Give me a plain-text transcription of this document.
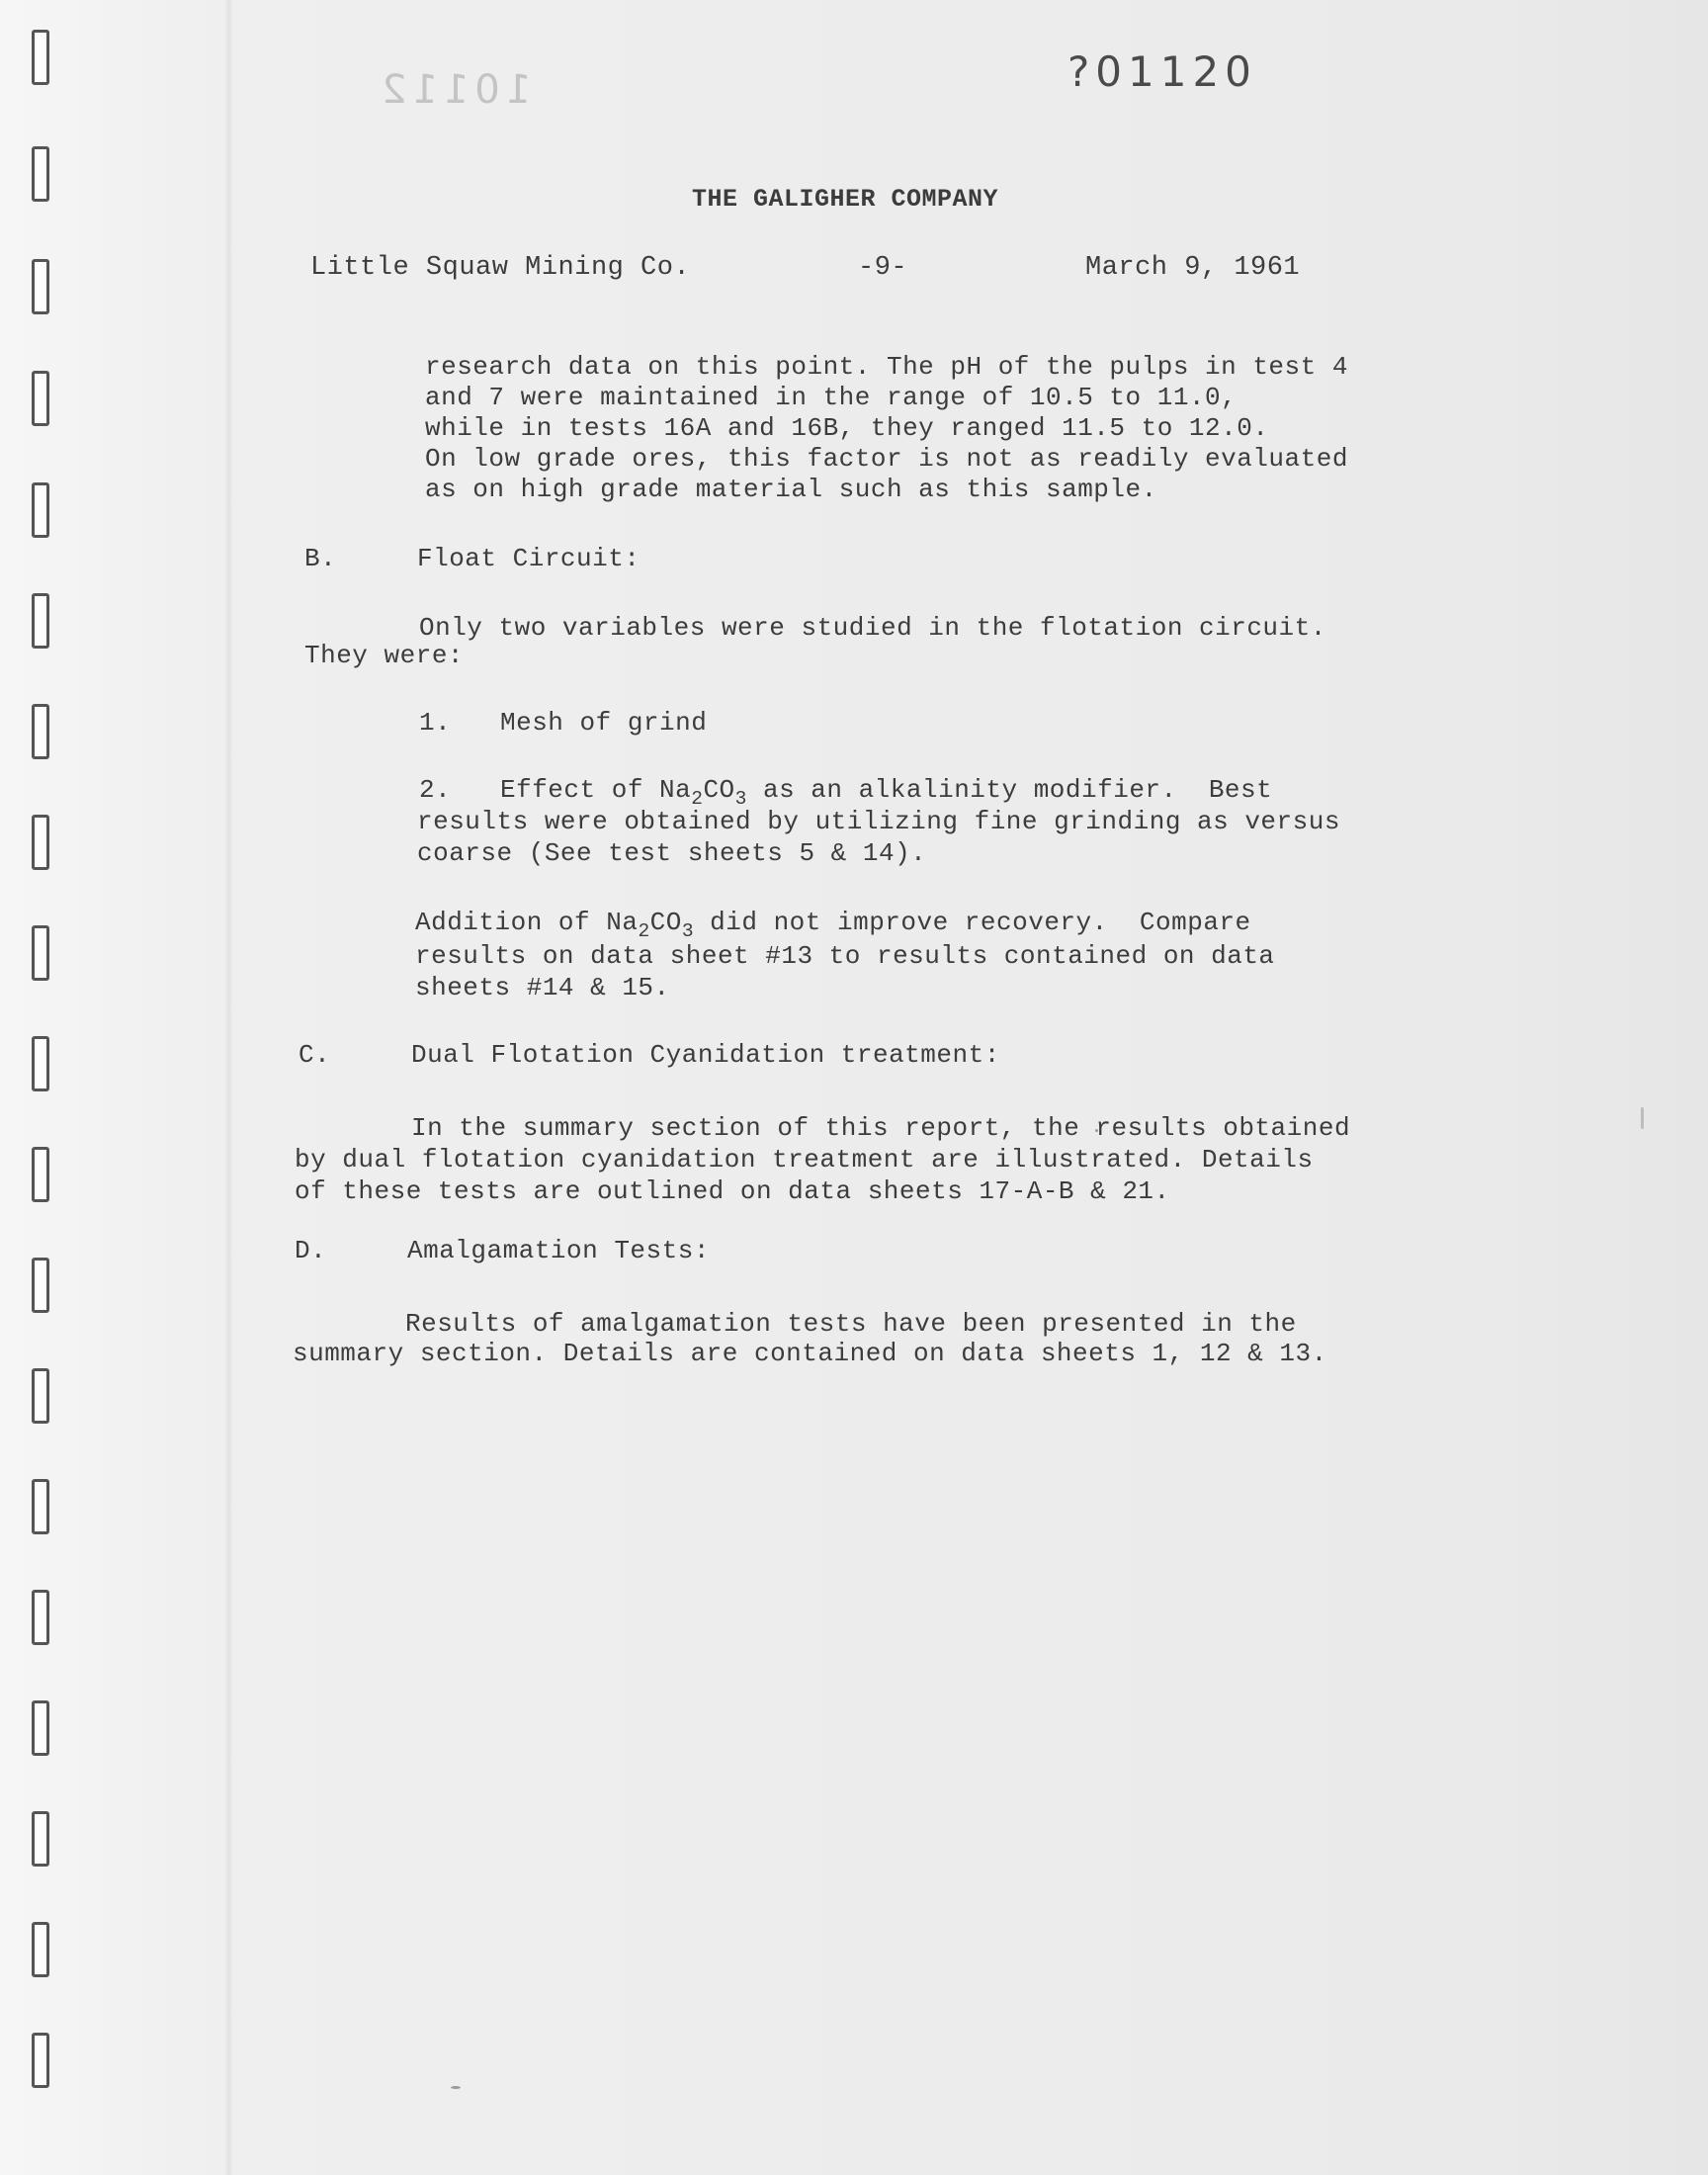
10112	?01120
THE GALIGHER COMPANY
Little Squaw Mining Co.	-9-	March 9, 1961
research data on this point. The pH of the pulps in test 4
and 7 were maintained in the range of 10.5 to 11.0,
while in tests 16A and 16B, they ranged 11.5 to 12.0.
On low grade ores, this factor is not as readily evaluated
as on high grade material such as this sample.
B.	Float Circuit:
Only two variables were studied in the flotation circuit.
They were:
1. Mesh of grind
2. Effect of $Na_2CO_3$ as an alkalinity modifier.  Best
results were obtained by utilizing fine grinding as versus
coarse (See test sheets 5 & 14).
Addition of $Na_2CO_3$ did not improve recovery.  Compare
results on data sheet #13 to results contained on data
sheets #14 & 15.
C.	Dual Flotation Cyanidation treatment:
In the summary section of this report, the results obtained
by dual flotation cyanidation treatment are illustrated. Details
of these tests are outlined on data sheets 17-A-B & 21.
D.	Amalgamation Tests:
Results of amalgamation tests have been presented in the
summary section. Details are contained on data sheets 1, 12 & 13.
